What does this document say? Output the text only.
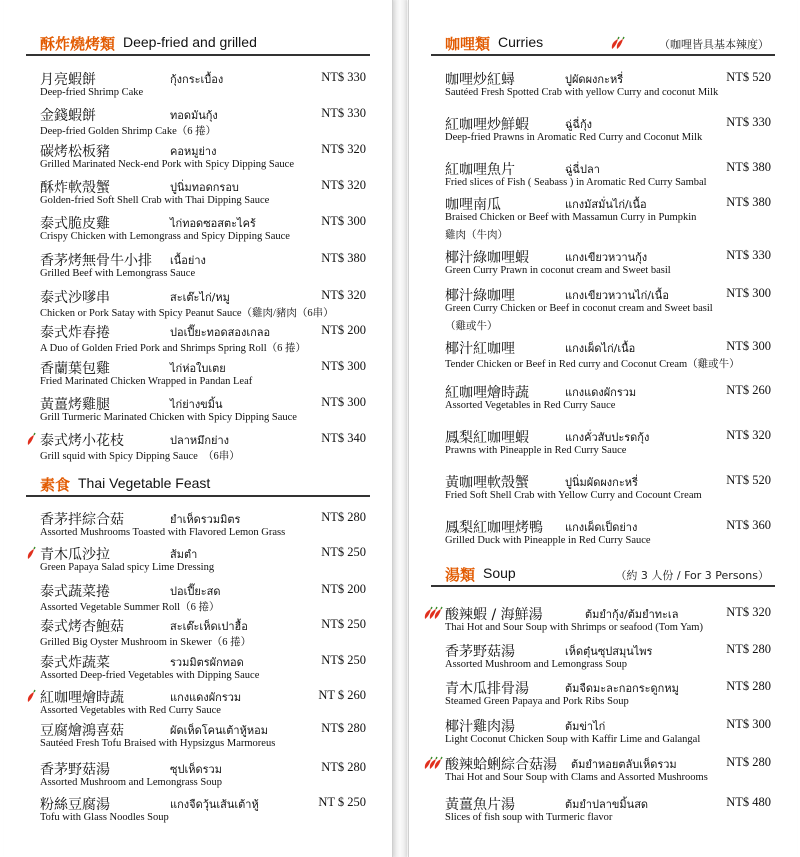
酥炸燒烤類 Deep-fried and grilled
月亮蝦餅	กุ้งกระเบื้อง	NT$ 330
Deep-fried Shrimp Cake
金錢蝦餅	ทอดมันกุ้ง	NT$ 330
Deep-fried Golden Shrimp Cake（6 捲）
碳烤松板豬	คอหมูย่าง	NT$ 320
Grilled Marinated Neck-end Pork with Spicy Dipping Sauce
酥炸軟殼蟹	ปูนิ่มทอดกรอบ	NT$ 320
Golden-fried Soft Shell Crab with Thai Dipping Sauce
泰式脆皮雞	ไก่ทอดซอสตะไคร้	NT$ 300
Crispy Chicken with Lemongrass and Spicy Dipping Sauce
香茅烤無骨牛小排 เนื้อย่าง	NT$ 380
Grilled Beef with Lemongrass Sauce
泰式沙嗲串	สะเต๊ะไก่/หมู	NT$ 320
Chicken or Pork Satay with Spicy Peanut Sauce（雞肉/豬肉（6串）
泰式炸春捲	ปอเปี๊ยะทอดสองเกลอ	NT$ 200
A Duo of Golden Fried Pork and Shrimps Spring Roll（6 捲）
香蘭葉包雞	ไก่ห่อใบเตย	NT$ 300
Fried Marinated Chicken Wrapped in Pandan Leaf
黃薑烤雞腿	ไก่ย่างขมิ้น	NT$ 300
Grill Turmeric Marinated Chicken with Spicy Dipping Sauce
泰式烤小花枝	ปลาหมึกย่าง	NT$ 340
Grill squid with Spicy Dipping Sauce　（6串）
素食 Thai Vegetable Feast
香茅拌綜合菇	ยำเห็ดรวมมิตร	NT$ 280
Assorted Mushrooms Toasted with Flavored Lemon Grass
青木瓜沙拉	ส้มตำ	NT$ 250
Green Papaya Salad spicy Lime Dressing
泰式蔬菜捲	ปอเปี๊ยะสด	NT$ 200
Assorted Vegetable Summer Roll（6 捲）
泰式烤杏鮑菇	สะเต๊ะเห็ดเปาฮื้อ	NT$ 250
Grilled Big Oyster Mushroom in Skewer（6 捲）
泰式炸蔬菜	รวมมิตรผักทอด	NT$ 250
Assorted Deep-fried Vegetables with Dipping Sauce
紅咖哩燴時蔬	แกงแดงผักรวม	NT $ 260
Assorted Vegetables with Red Curry Sauce
豆腐燴鴻喜菇	ผัดเห็ดโคนเต้าหู้หอม	NT$ 280
Sautéed Fresh Tofu Braised with Hypsizgus Marmoreus
香茅野菇湯	ซุปเห็ดรวม	NT$ 280
Assorted Mushroom and Lemongrass Soup
粉絲豆腐湯	แกงจืดวุ้นเส้นเต้าหู้	NT $ 250
Tofu with Glass Noodles Soup
咖哩類 Curries	（咖哩皆具基本辣度）
咖哩炒紅蟳	ปูผัดผงกะหรี่	NT$ 520
Sautéed Fresh Spotted Crab with yellow Curry and coconut Milk
紅咖哩炒鮮蝦	ฉู่ฉี่กุ้ง	NT$ 330
Deep-fried Prawns in Aromatic Red Curry and Coconut Milk
紅咖哩魚片	ฉู่ฉี่ปลา	NT$ 380
Fried slices of Fish ( Seabass ) in Aromatic Red Curry Sambal
咖哩南瓜	แกงมัสมั่นไก่/เนื้อ	NT$ 380
Braised Chicken or Beef with Massamun Curry in Pumpkin
雞肉（牛肉）
椰汁綠咖哩蝦	แกงเขียวหวานกุ้ง	NT$ 330
Green Curry Prawn in coconut cream and Sweet basil
椰汁綠咖哩	แกงเขียวหวานไก่/เนื้อ	NT$ 300
Green Curry Chicken or Beef in coconut cream and Sweet basil
（雞或牛）
椰汁紅咖哩	แกงเผ็ดไก่/เนื้อ	NT$ 300
Tender Chicken or Beef in Red curry and Coconut Cream（雞或牛）
紅咖哩燴時蔬	แกงแดงผักรวม	NT$ 260
Assorted Vegetables in Red Curry Sauce
鳳梨紅咖哩蝦	แกงคั่วสับปะรดกุ้ง	NT$ 320
Prawns with Pineapple in Red Curry Sauce
黃咖哩軟殼蟹	ปูนิ่มผัดผงกะหรี่	NT$ 520
Fried Soft Shell Crab with Yellow Curry and Cocount Cream
鳳梨紅咖哩烤鴨 แกงเผ็ดเป็ดย่าง	NT$ 360
Grilled Duck with Pineapple in Red Curry Sauce
湯類 Soup	（約 3 人份 / For 3 Persons）
酸辣蝦 / 海鮮湯	ต้มยำกุ้ง/ต้มยำทะเล	NT$ 320
Thai Hot and Sour Soup with Shrimps or seafood (Tom Yam)
香茅野菇湯	เห็ดตุ๋นซุปสมุนไพร	NT$ 280
Assorted Mushroom and Lemongrass Soup
青木瓜排骨湯	ต้มจืดมะละกอกระดูกหมู	NT$ 280
Steamed Green Papaya and Pork Ribs Soup
椰汁雞肉湯	ต้มข่าไก่	NT$ 300
Light Coconut Chicken Soup with Kaffir Lime and Galangal
酸辣蛤蜊綜合菇湯 ต้มยำหอยตลับเห็ดรวม	NT$ 280
Thai Hot and Sour Soup with Clams and Assorted Mushrooms
黃薑魚片湯	ต้มยำปลาขมิ้นสด	NT$ 480
Slices of fish soup with Turmeric flavor
